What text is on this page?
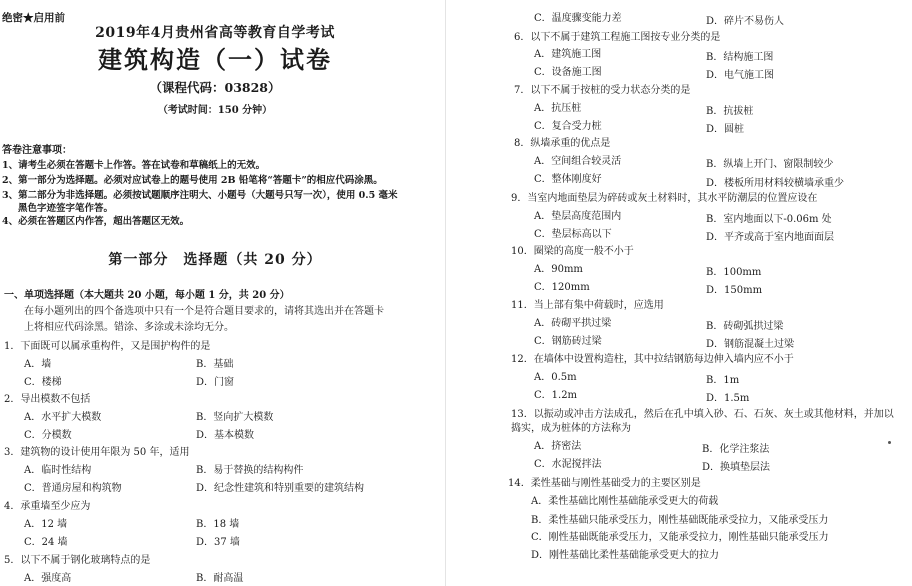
绝密★启用前
2019年4月贵州省高等教育自学考试
建筑构造（一）试卷
（课程代码：03828）
（考试时间：150 分钟）
答卷注意事项：
1、请考生必须在答题卡上作答。答在试卷和草稿纸上的无效。
2、第一部分为选择题。必须对应试卷上的题号使用 2B 铅笔将“答题卡”的相应代码涂黑。
3、第二部分为非选择题。必须按试题顺序注明大、小题号（大题号只写一次），使用 0.5 毫米
黑色字迹签字笔作答。
4、必须在答题区内作答，超出答题区无效。
第一部分　选择题（共 20 分）
一、单项选择题（本大题共 20 小题，每小题 1 分，共 20 分）
在每小题列出的四个备选项中只有一个是符合题目要求的，请将其选出并在答题卡
上将相应代码涂黑。错涂、多涂或未涂均无分。
1．下面既可以属承重构件，又是围护构件的是
A．墙	B．基础
C．楼梯	D．门窗
2．导出模数不包括
A．水平扩大模数	B．竖向扩大模数
C．分模数	D．基本模数
3．建筑物的设计使用年限为 50 年，适用
A．临时性结构	B．易于替换的结构构件
C．普通房屋和构筑物	D．纪念性建筑和特别重要的建筑结构
4．承重墙至少应为
A．12 墙	B．18 墙
C．24 墙	D．37 墙
5．以下不属于钢化玻璃特点的是
A．强度高	B．耐高温
C．温度骤变能力差	D．碎片不易伤人
6．以下不属于建筑工程施工图按专业分类的是
A．建筑施工图	B．结构施工图
C．设备施工图	D．电气施工图
7．以下不属于按桩的受力状态分类的是
A．抗压桩	B．抗拔桩
C．复合受力桩	D．圆桩
8．纵墙承重的优点是
A．空间组合较灵活	B．纵墙上开门、窗限制较少
C．整体刚度好	D．楼板所用材料较横墙承重少
9．当室内地面垫层为碎砖或灰土材料时，其水平防潮层的位置应设在
A．垫层高度范围内	B．室内地面以下-0.06m 处
C．垫层标高以下	D．平齐或高于室内地面面层
10．圈梁的高度一般不小于
A．90mm	B．100mm
C．120mm	D．150mm
11．当上部有集中荷载时，应选用
A．砖砌平拱过梁	B．砖砌弧拱过梁
C．钢筋砖过梁	D．钢筋混凝土过梁
12．在墙体中设置构造柱，其中拉结钢筋每边伸入墙内应不小于
A．0.5m	B．1m
C．1.2m	D．1.5m
13．以振动或冲击方法成孔，然后在孔中填入砂、石、石灰、灰土或其他材料，并加以
捣实，成为桩体的方法称为
A．挤密法	B．化学注浆法
C．水泥搅拌法	D．换填垫层法
14．柔性基础与刚性基础受力的主要区别是
A．柔性基础比刚性基础能承受更大的荷载
B．柔性基础只能承受压力，刚性基础既能承受拉力，又能承受压力
C．刚性基础既能承受压力，又能承受拉力，刚性基础只能承受压力
D．刚性基础比柔性基础能承受更大的拉力
